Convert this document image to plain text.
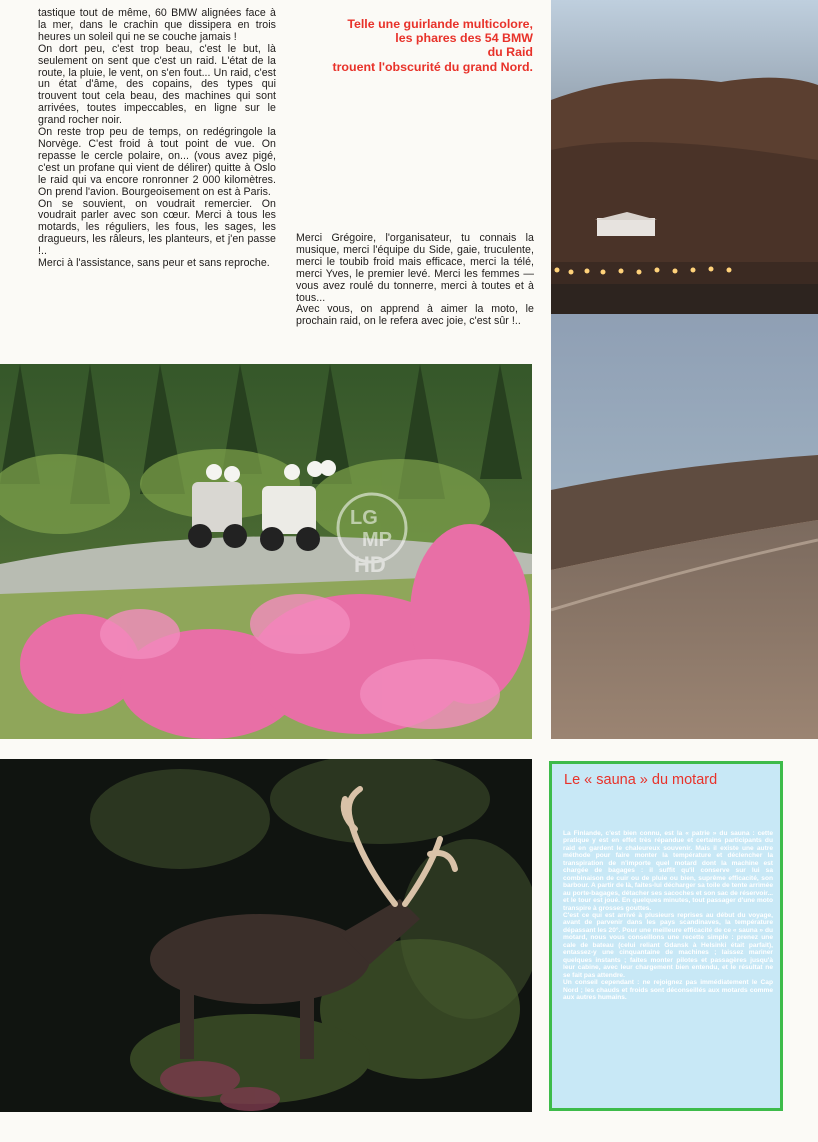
tastique tout de même, 60 BMW alignées face à la mer, dans le crachin que dissipera en trois heures un soleil qui ne se couche jamais !

On dort peu, c'est trop beau, c'est le but, là seulement on sent que c'est un raid. L'état de la route, la pluie, le vent, on s'en fout... Un raid, c'est un état d'âme, des copains, des types qui trouvent tout cela beau, des machines qui sont arrivées, toutes impeccables, en ligne sur le grand rocher noir.

On reste trop peu de temps, on redégringole la Norvège. C'est froid à tout point de vue. On repasse le cercle polaire, on... (vous avez pigé, c'est un profane qui vient de délirer) quitte à Oslo le raid qui va encore ronronner 2 000 kilomètres. On prend l'avion. Bourgeoisement on est à Paris.

On se souvient, on voudrait remercier. On voudrait parler avec son cœur. Merci à tous les motards, les réguliers, les fous, les sages, les dragueurs, les râleurs, les planteurs, et j'en passe !..

Merci à l'assistance, sans peur et sans reproche.

Telle une guirlande multicolore,
les phares des 54 BMW
du Raid
trouent l'obscurité du grand Nord.

Merci Grégoire, l'organisateur, tu connais la musique, merci l'équipe du Side, gaie, truculente, merci le toubib froid mais efficace, merci la télé, merci Yves, le premier levé. Merci les femmes — vous avez roulé du tonnerre, merci à toutes et à tous...

Avec vous, on apprend à aimer la moto, le prochain raid, on le refera avec joie, c'est sûr !..

LG
MP
HD
Le « sauna » du motard

La Finlande, c'est bien connu, est la « patrie » du sauna : cette pratique y est en effet très répandue et certains participants du raid en gardent le chaleureux souvenir. Mais il existe une autre méthode pour faire monter la température et déclencher la transpiration de n'importe quel motard dont la machine est chargée de bagages : il suffit qu'il conserve sur lui sa combinaison de cuir ou de pluie ou bien, suprême efficacité, son barbour. A partir de là, faites-lui décharger sa toile de tente arrimée au porte-bagages, détacher ses sacoches et son sac de réservoir... et le tour est joué. En quelques minutes, tout passager d'une moto transpire à grosses gouttes.

C'est ce qui est arrivé à plusieurs reprises au début du voyage, avant de parvenir dans les pays scandinaves, la température dépassant les 20°. Pour une meilleure efficacité de ce « sauna » du motard, nous vous conseillons une recette simple : prenez une cale de bateau (celui reliant Gdansk à Helsinki était parfait), entassez-y une cinquantaine de machines ; laissez mariner quelques instants ; faites monter pilotes et passagères jusqu'à leur cabine, avec leur chargement bien entendu, et le résultat ne se fait pas attendre.

Un conseil cependant : ne rejoignez pas immédiatement le Cap Nord ; les chauds et froids sont déconseillés aux motards comme aux autres humains.
